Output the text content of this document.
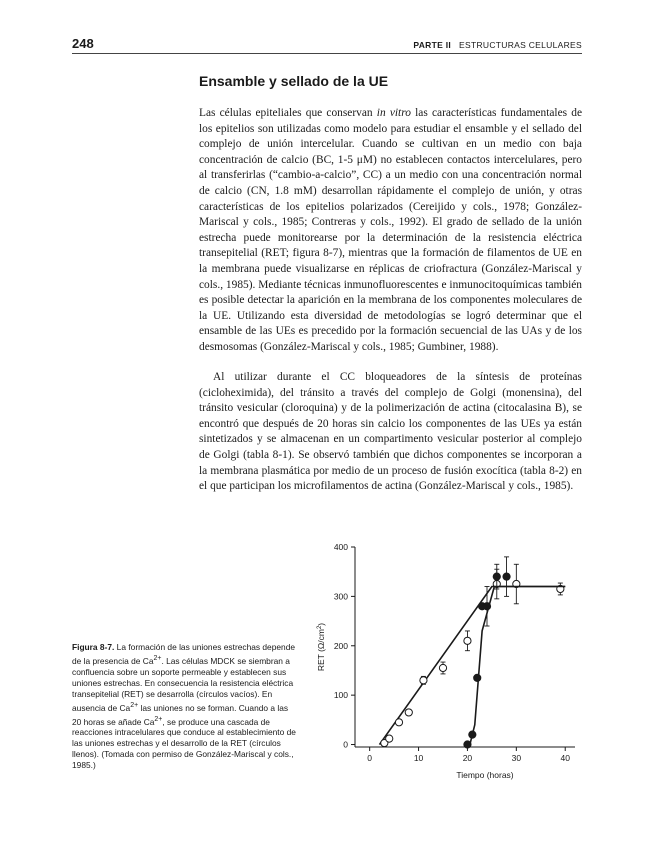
248	PARTE II ESTRUCTURAS CELULARES
Ensamble y sellado de la UE
Las células epiteliales que conservan in vitro las características fundamentales de los epitelios son utilizadas como modelo para estudiar el ensamble y el sellado del complejo de unión intercelular. Cuando se cultivan en un medio con baja concentración de calcio (BC, 1-5 μM) no establecen contactos intercelulares, pero al transferirlas (“cambio-a-calcio”, CC) a un medio con una concentración normal de calcio (CN, 1.8 mM) desarrollan rápidamente el complejo de unión, y otras características de los epitelios polarizados (Cereijido y cols., 1978; González-Mariscal y cols., 1985; Contreras y cols., 1992). El grado de sellado de la unión estrecha puede monitorearse por la determinación de la resistencia eléctrica transepitelial (RET; figura 8-7), mientras que la formación de filamentos de UE en la membrana puede visualizarse en réplicas de criofractura (González-Mariscal y cols., 1985). Mediante técnicas inmunofluorescentes e inmunocitoquímicas también es posible detectar la aparición en la membrana de los componentes moleculares de la UE. Utilizando esta diversidad de metodologías se logró determinar que el ensamble de las UEs es precedido por la formación secuencial de las UAs y de los desmosomas (González-Mariscal y cols., 1985; Gumbiner, 1988).
Al utilizar durante el CC bloqueadores de la síntesis de proteínas (cicloheximida), del tránsito a través del complejo de Golgi (monensina), del tránsito vesicular (cloroquina) y de la polimerización de actina (citocalasina B), se encontró que después de 20 horas sin calcio los componentes de las UEs ya están sintetizados y se almacenan en un compartimento vesicular posterior al complejo de Golgi (tabla 8-1). Se observó también que dichos componentes se incorporan a la membrana plasmática por medio de un proceso de fusión exocítica (tabla 8-2) en el que participan los microfilamentos de actina (González-Mariscal y cols., 1985).
Figura 8-7. La formación de las uniones estrechas depende de la presencia de $Ca^{2+}$. Las células MDCK se siembran a confluencia sobre un soporte permeable y establecen sus uniones estrechas. En consecuencia la resistencia eléctrica transepitelial (RET) se desarrolla (círculos vacíos). En ausencia de $Ca^{2+}$ las uniones no se forman. Cuando a las 20 horas se añade $Ca^{2+}$, se produce una cascada de reacciones intracelulares que conduce al establecimiento de las uniones estrechas y el desarrollo de la RET (círculos llenos). (Tomada con permiso de González-Mariscal y cols., 1985.)
0
100
200
300
400
0	10	20	30	40
Tiempo (horas)
RET $(\Omega/cm^2)$
